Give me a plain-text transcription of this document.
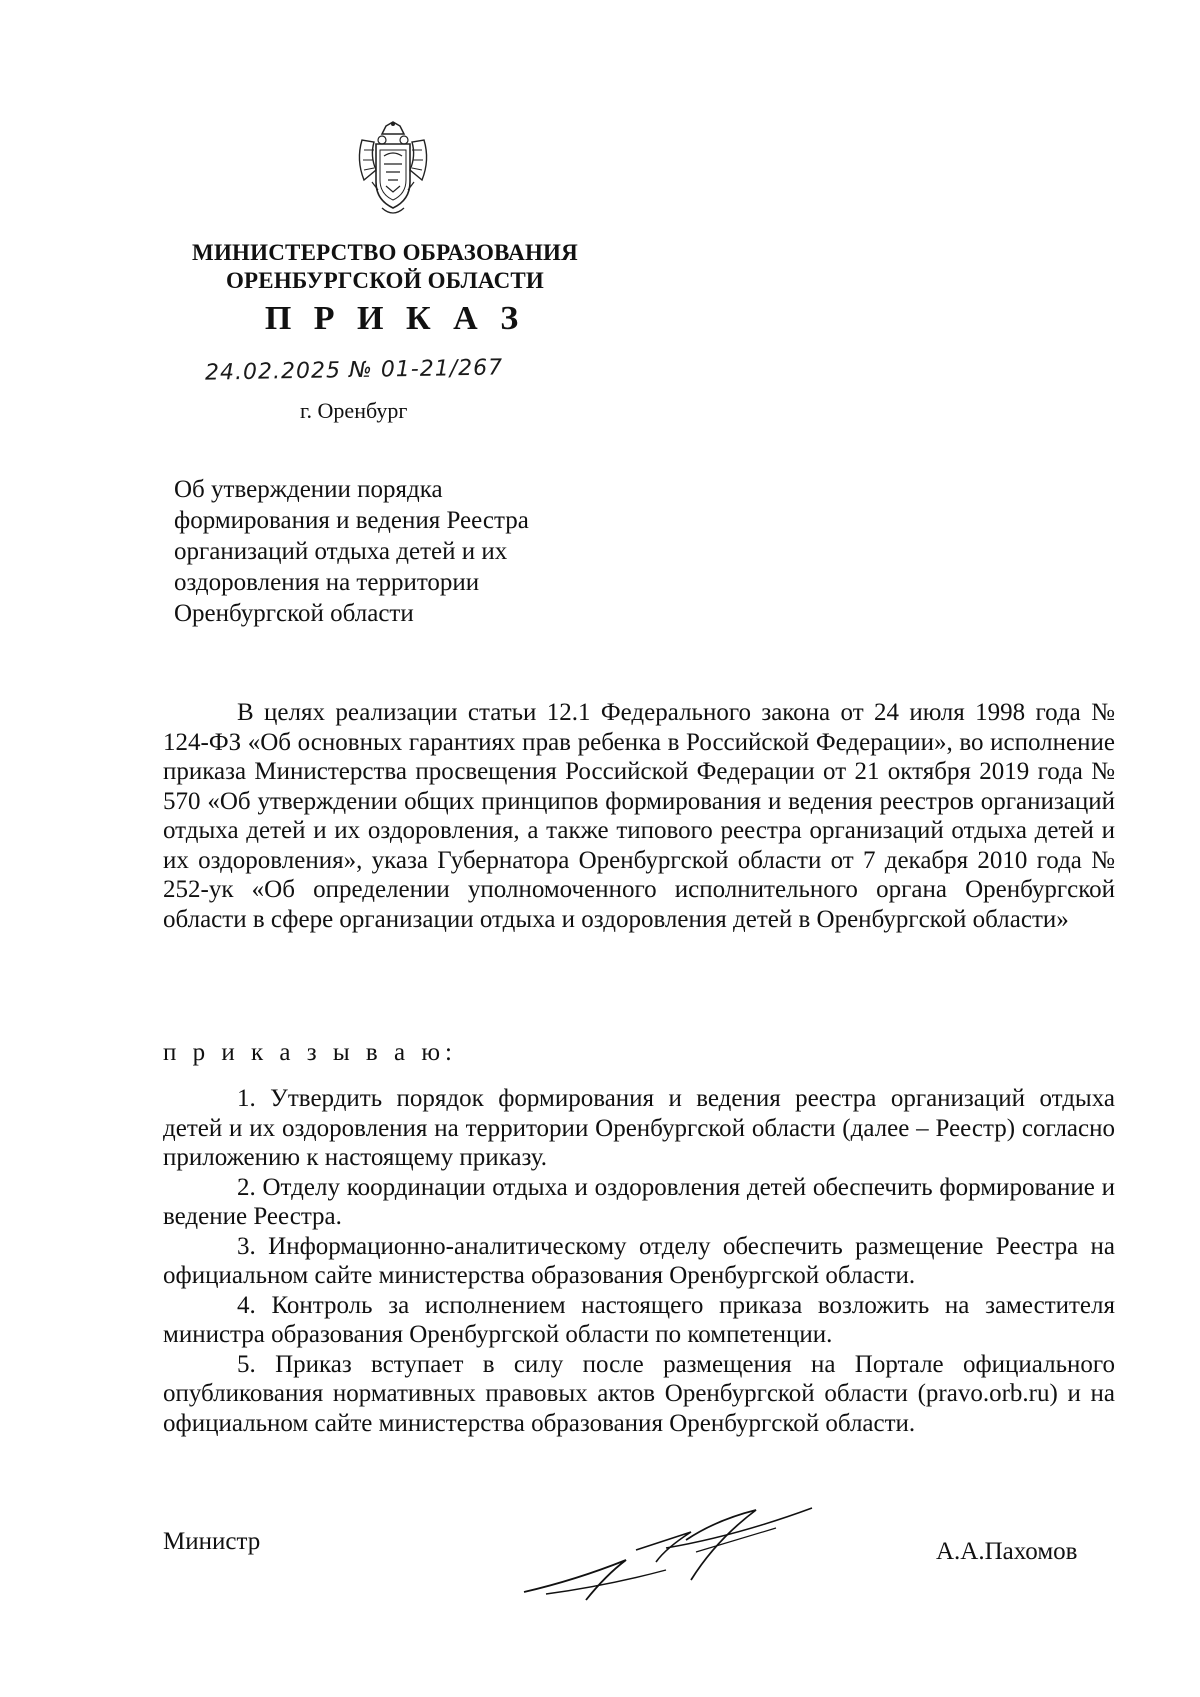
МИНИСТЕРСТВО ОБРАЗОВАНИЯ
ОРЕНБУРГСКОЙ ОБЛАСТИ
П Р И К А З
24.02.2025 № 01-21/267
г. Оренбург
Об утверждении порядка
формирования и ведения Реестра
организаций отдыха детей и их
оздоровления на территории
Оренбургской области

В целях реализации статьи 12.1 Федерального закона от 24 июля 1998 года № 124-ФЗ «Об основных гарантиях прав ребенка в Российской Федерации», во исполнение приказа Министерства просвещения Российской Федерации от 21 октября 2019 года № 570 «Об утверждении общих принципов формирования и ведения реестров организаций отдыха детей и их оздоровления, а также типового реестра организаций отдыха детей и их оздоровления», указа Губернатора Оренбургской области от 7 декабря 2010 года № 252-ук «Об определении уполномоченного исполнительного органа Оренбургской области в сфере организации отдыха и оздоровления детей в Оренбургской области»

п р и к а з ы в а ю:

1. Утвердить порядок формирования и ведения реестра организаций отдыха детей и их оздоровления на территории Оренбургской области (далее – Реестр) согласно приложению к настоящему приказу.

2. Отделу координации отдыха и оздоровления детей обеспечить формирование и ведение Реестра.

3. Информационно-аналитическому отделу обеспечить размещение Реестра на официальном сайте министерства образования Оренбургской области.

4. Контроль за исполнением настоящего приказа возложить на заместителя министра образования Оренбургской области по компетенции.

5. Приказ вступает в силу после размещения на Портале официального опубликования нормативных правовых актов Оренбургской области (pravo.orb.ru) и на официальном сайте министерства образования Оренбургской области.

Министр	А.А.Пахомов
